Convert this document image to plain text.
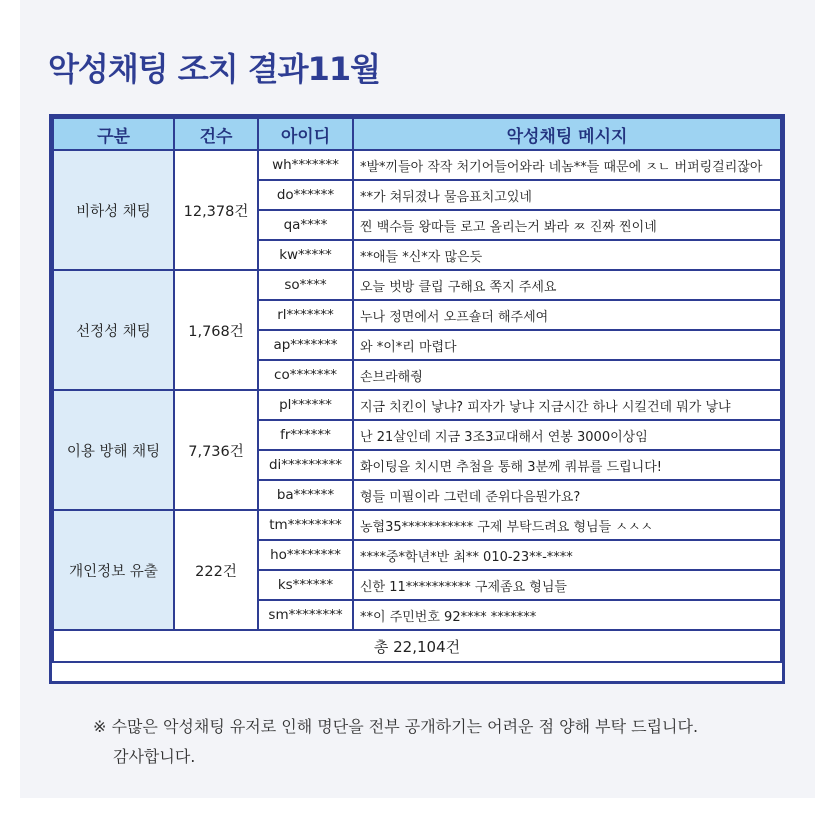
악성채팅 조치 결과11월
구분	건수	아이디	악성채팅 메시지
비하성 채팅	12,378건	wh*******	*발*끼들아 작작 처기어들어와라 네놈**들 때문에 ㅈㄴ 버퍼링걸리잖아
		do******	**가 쳐뒤졌나 물음표치고있네
		qa****	찐 백수들 왕따들 로고 올리는거 봐라 ㅉ 진짜 찐이네
		kw*****	**애들 *신*자 많은듯
선정성 채팅	1,768건	so****	오늘 벗방 클립 구해요 쪽지 주세요
		rl*******	누나 정면에서 오프숄더 해주세여
		ap*******	와 *이*리 마렵다
		co*******	손브라해줭
이용 방해 채팅	7,736건	pl******	지금 치킨이 낳냐? 피자가 낳냐 지금시간 하나 시킬건데 뭐가 낳냐
		fr******	난 21살인데 지금 3조3교대해서 연봉 3000이상임
		di*********	화이팅을 치시면 추첨을 통해 3분께 쿼뷰를 드립니다!
		ba******	형들 미필이라 그런데 준위다음뭔가요?
개인정보 유출	222건	tm********	농협35*********** 구제 부탁드려요 형님들 ㅅㅅㅅ
		ho********	****중*학년*반 최** 010-23**-****
		ks******	신한 11********** 구제좀요 형님들
		sm********	**이 주민번호 92**** *******
총 22,104건			
※ 수많은 악성채팅 유저로 인해 명단을 전부 공개하기는 어려운 점 양해 부탁 드립니다.
감사합니다.
